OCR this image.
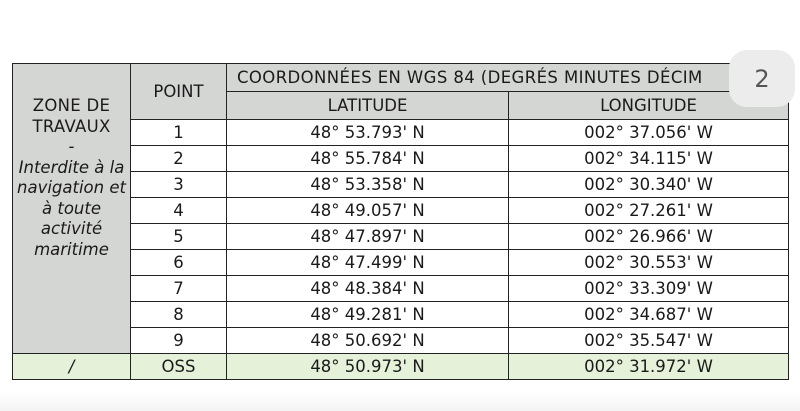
ZONE DE TRAVAUX
-
Interdite à la navigation et à toute activité maritime	POINT	COORDONNÉES EN WGS 84 (DEGRÉS MINUTES DÉCIM	
		LATITUDE	LONGITUDE
	1	48° 53.793' N	002° 37.056' W
	2	48° 55.784' N	002° 34.115' W
	3	48° 53.358' N	002° 30.340' W
	4	48° 49.057' N	002° 27.261' W
	5	48° 47.897' N	002° 26.966' W
	6	48° 47.499' N	002° 30.553' W
	7	48° 48.384' N	002° 33.309' W
	8	48° 49.281' N	002° 34.687' W
	9	48° 50.692' N	002° 35.547' W
/	OSS	48° 50.973' N	002° 31.972' W
2
